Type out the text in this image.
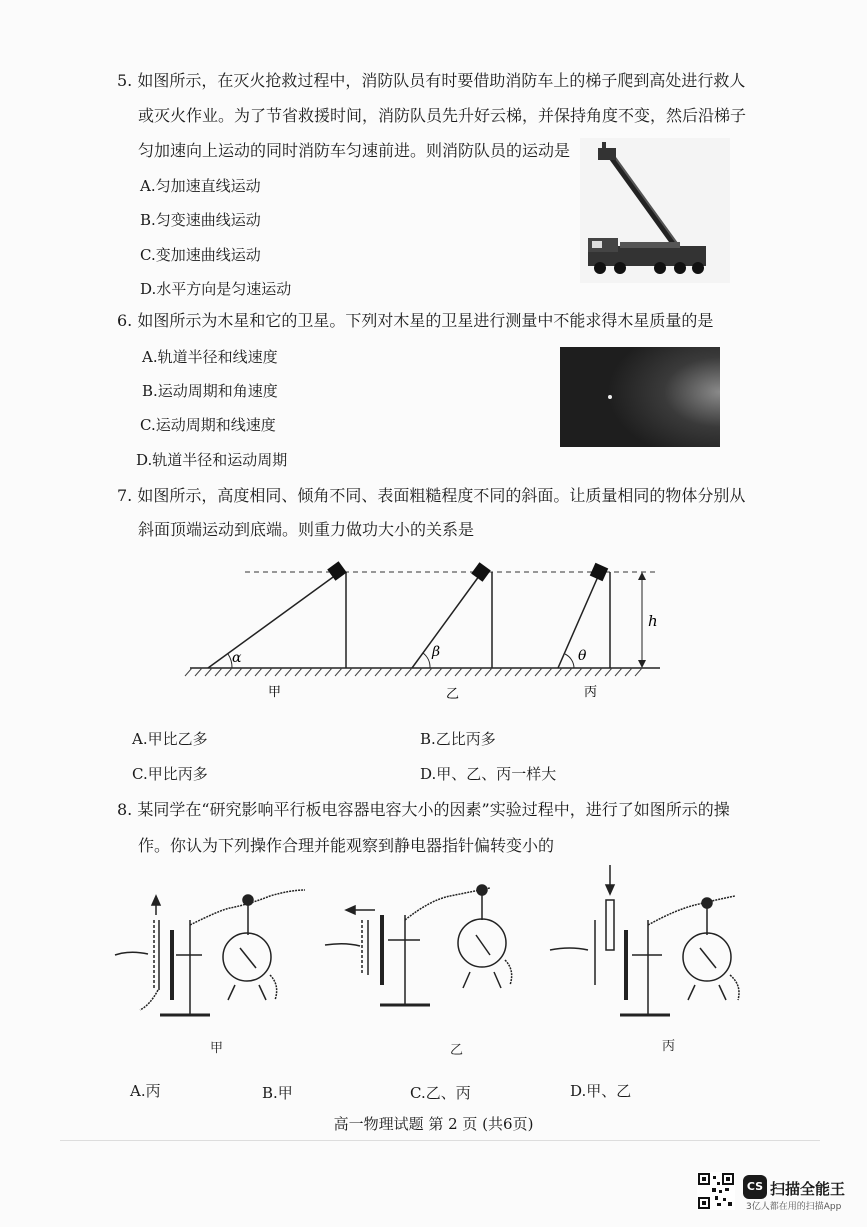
5. 如图所示，在灭火抢救过程中，消防队员有时要借助消防车上的梯子爬到高处进行救人
或灭火作业。为了节省救援时间，消防队员先升好云梯，并保持角度不变，然后沿梯子
匀加速向上运动的同时消防车匀速前进。则消防队员的运动是
A.匀加速直线运动
B.匀变速曲线运动
C.变加速曲线运动
D.水平方向是匀速运动
6. 如图所示为木星和它的卫星。下列对木星的卫星进行测量中不能求得木星质量的是
A.轨道半径和线速度
B.运动周期和角速度
C.运动周期和线速度
D.轨道半径和运动周期
7. 如图所示，高度相同、倾角不同、表面粗糙程度不同的斜面。让质量相同的物体分别从
斜面顶端运动到底端。则重力做功大小的关系是
α	β	θ
h
甲	乙	丙
A.甲比乙多	B.乙比丙多
C.甲比丙多	D.甲、乙、丙一样大
8. 某同学在“研究影响平行板电容器电容大小的因素”实验过程中，进行了如图所示的操
作。你认为下列操作合理并能观察到静电器指针偏转变小的
甲	乙	丙
A.丙	B.甲	C.乙、丙	D.甲、乙
高一物理试题 第 2 页 (共6页)
CS 扫描全能王
3亿人都在用的扫描App
